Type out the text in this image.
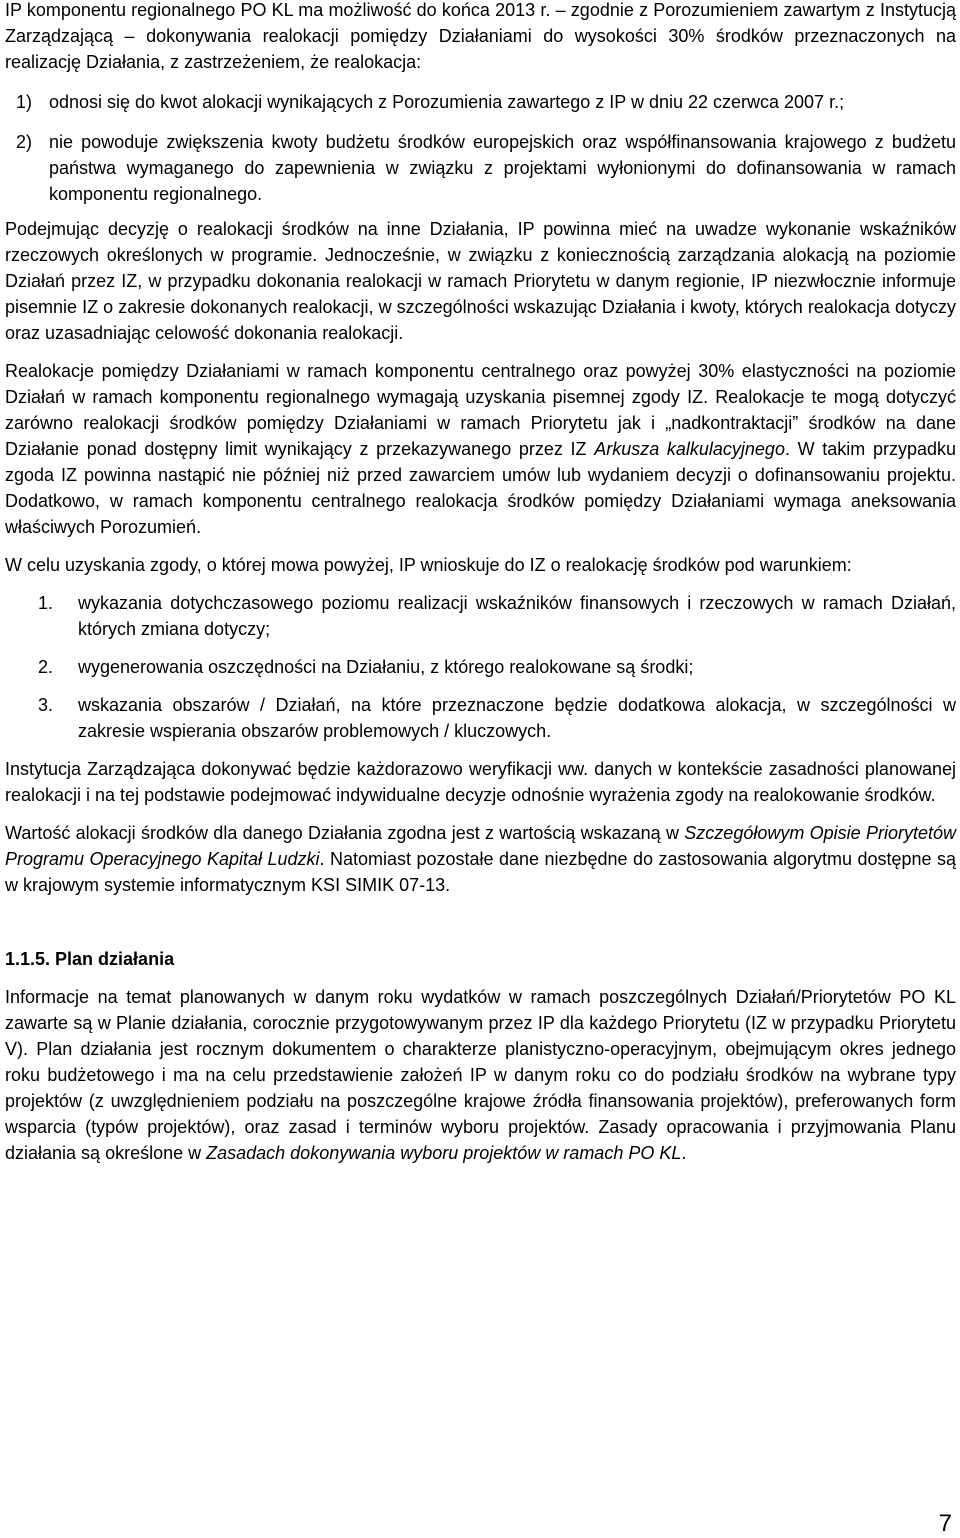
IP komponentu regionalnego PO KL ma możliwość do końca 2013 r. – zgodnie z Porozumieniem zawartym z Instytucją Zarządzającą – dokonywania realokacji pomiędzy Działaniami do wysokości 30% środków przeznaczonych na realizację Działania, z zastrzeżeniem, że realokacja:

1) odnosi się do kwot alokacji wynikających z Porozumienia zawartego z IP w dniu 22 czerwca 2007 r.;
2) nie powoduje zwiększenia kwoty budżetu środków europejskich oraz współfinansowania krajowego z budżetu państwa wymaganego do zapewnienia w związku z projektami wyłonionymi do dofinansowania w ramach komponentu regionalnego.

Podejmując decyzję o realokacji środków na inne Działania, IP powinna mieć na uwadze wykonanie wskaźników rzeczowych określonych w programie. Jednocześnie, w związku z koniecznością zarządzania alokacją na poziomie Działań przez IZ, w przypadku dokonania realokacji w ramach Priorytetu w danym regionie, IP niezwłocznie informuje pisemnie IZ o zakresie dokonanych realokacji, w szczególności wskazując Działania i kwoty, których realokacja dotyczy oraz uzasadniając celowość dokonania realokacji.

Realokacje pomiędzy Działaniami w ramach komponentu centralnego oraz powyżej 30% elastyczności na poziomie Działań w ramach komponentu regionalnego wymagają uzyskania pisemnej zgody IZ. Realokacje te mogą dotyczyć zarówno realokacji środków pomiędzy Działaniami w ramach Priorytetu jak i „nadkontraktacji” środków na dane Działanie ponad dostępny limit wynikający z przekazywanego przez IZ Arkusza kalkulacyjnego. W takim przypadku zgoda IZ powinna nastąpić nie później niż przed zawarciem umów lub wydaniem decyzji o dofinansowaniu projektu. Dodatkowo, w ramach komponentu centralnego realokacja środków pomiędzy Działaniami wymaga aneksowania właściwych Porozumień.

W celu uzyskania zgody, o której mowa powyżej, IP wnioskuje do IZ o realokację środków pod warunkiem:

1.	wykazania dotychczasowego poziomu realizacji wskaźników finansowych i rzeczowych w ramach Działań, których zmiana dotyczy;
2.	wygenerowania oszczędności na Działaniu, z którego realokowane są środki;
3.	wskazania obszarów / Działań, na które przeznaczone będzie dodatkowa alokacja, w szczególności w zakresie wspierania obszarów problemowych / kluczowych.

Instytucja Zarządzająca dokonywać będzie każdorazowo weryfikacji ww. danych w kontekście zasadności planowanej realokacji i na tej podstawie podejmować indywidualne decyzje odnośnie wyrażenia zgody na realokowanie środków.

Wartość alokacji środków dla danego Działania zgodna jest z wartością wskazaną w Szczegółowym Opisie Priorytetów Programu Operacyjnego Kapitał Ludzki. Natomiast pozostałe dane niezbędne do zastosowania algorytmu dostępne są w krajowym systemie informatycznym KSI SIMIK 07-13.

1.1.5. Plan działania

Informacje na temat planowanych w danym roku wydatków w ramach poszczególnych Działań/Priorytetów PO KL zawarte są w Planie działania, corocznie przygotowywanym przez IP dla każdego Priorytetu (IZ w przypadku Priorytetu V). Plan działania jest rocznym dokumentem o charakterze planistyczno-operacyjnym, obejmującym okres jednego roku budżetowego i ma na celu przedstawienie założeń IP w danym roku co do podziału środków na wybrane typy projektów (z uwzględnieniem podziału na poszczególne krajowe źródła finansowania projektów), preferowanych form wsparcia (typów projektów), oraz zasad i terminów wyboru projektów. Zasady opracowania i przyjmowania Planu działania są określone w Zasadach dokonywania wyboru projektów w ramach PO KL.

7
